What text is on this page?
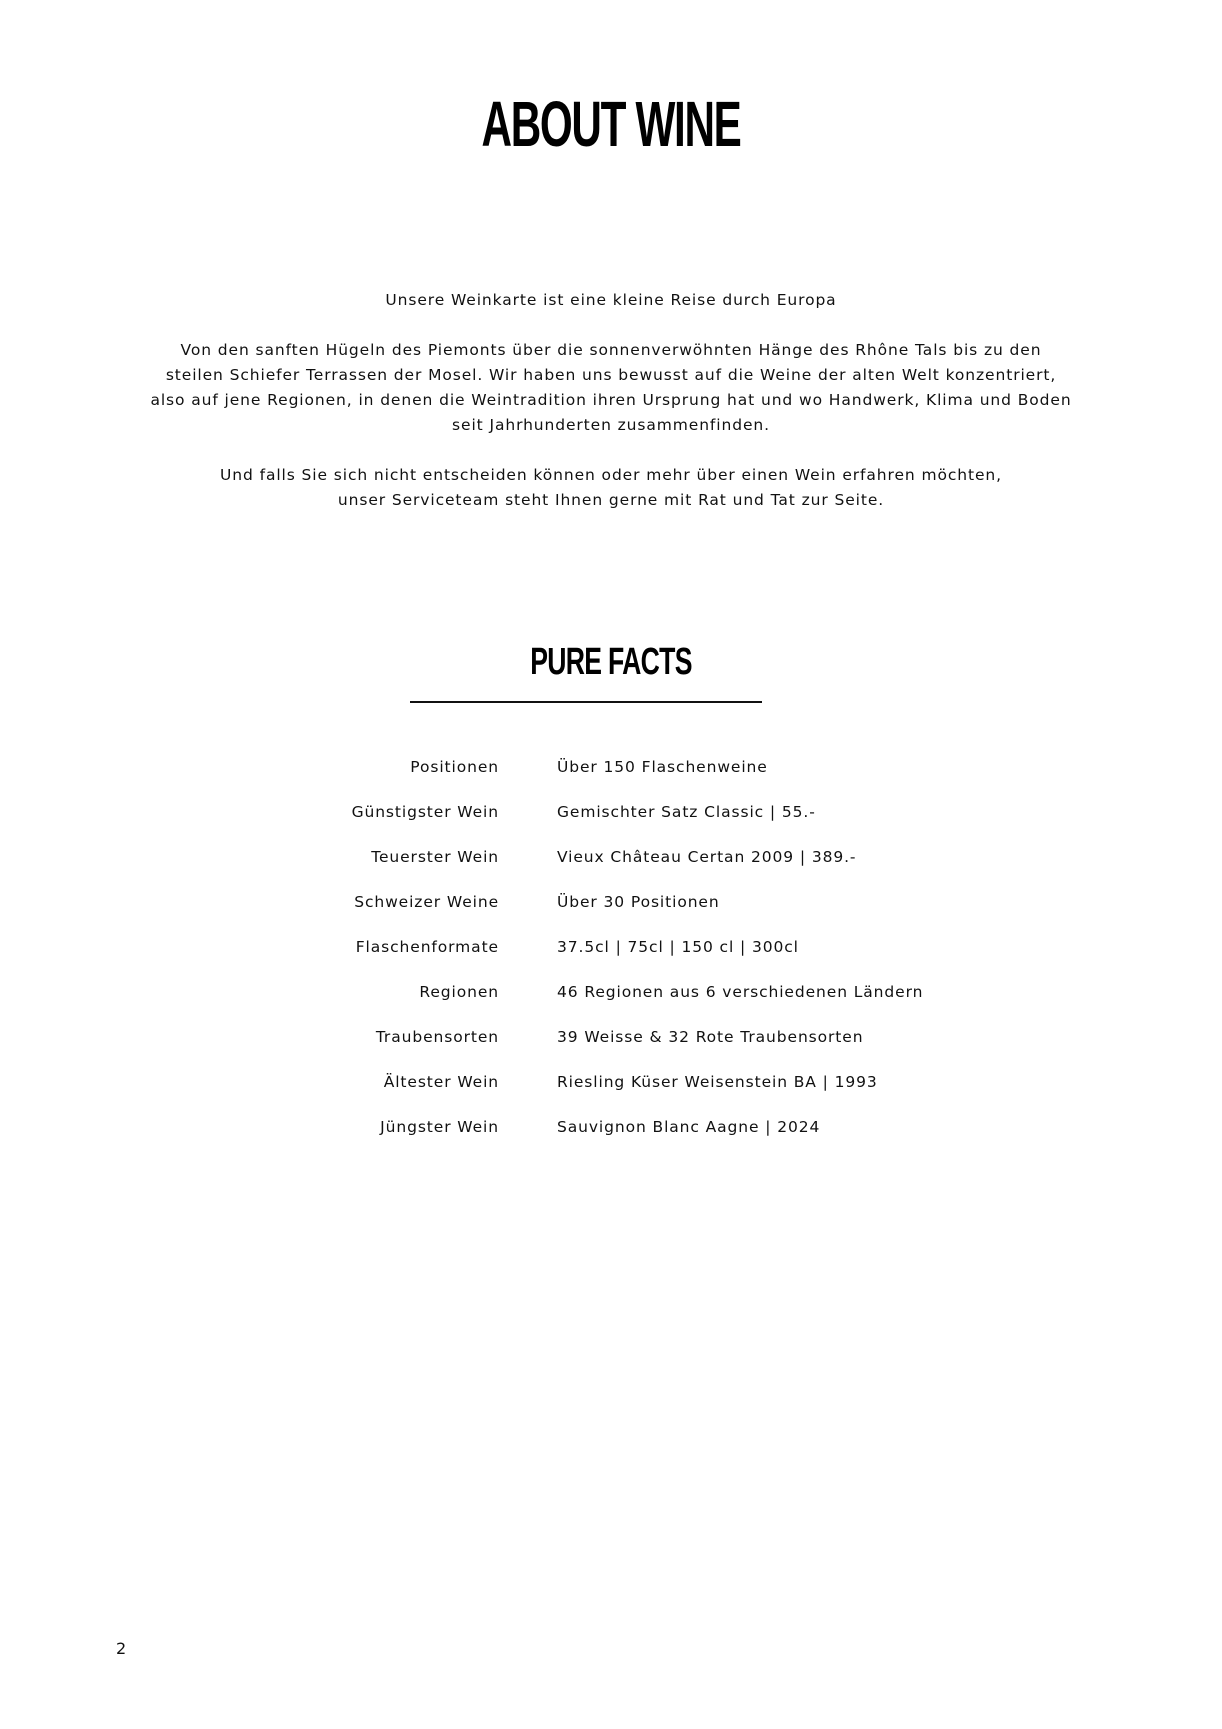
ABOUT WINE

Unsere Weinkarte ist eine kleine Reise durch Europa

Von den sanften Hügeln des Piemonts über die sonnenverwöhnten Hänge des Rhône Tals bis zu den
steilen Schiefer Terrassen der Mosel. Wir haben uns bewusst auf die Weine der alten Welt konzentriert,
also auf jene Regionen, in denen die Weintradition ihren Ursprung hat und wo Handwerk, Klima und Boden
seit Jahrhunderten zusammenfinden.

Und falls Sie sich nicht entscheiden können oder mehr über einen Wein erfahren möchten,
unser Serviceteam steht Ihnen gerne mit Rat und Tat zur Seite.

PURE FACTS
Positionen	Über 150 Flaschenweine
Günstigster Wein	Gemischter Satz Classic | 55.-
Teuerster Wein	Vieux Château Certan 2009 | 389.-
Schweizer Weine	Über 30 Positionen
Flaschenformate	37.5cl | 75cl | 150 cl | 300cl
Regionen	46 Regionen aus 6 verschiedenen Ländern
Traubensorten	39 Weisse & 32 Rote Traubensorten
Ältester Wein	Riesling Küser Weisenstein BA | 1993
Jüngster Wein	Sauvignon Blanc Aagne | 2024
2
